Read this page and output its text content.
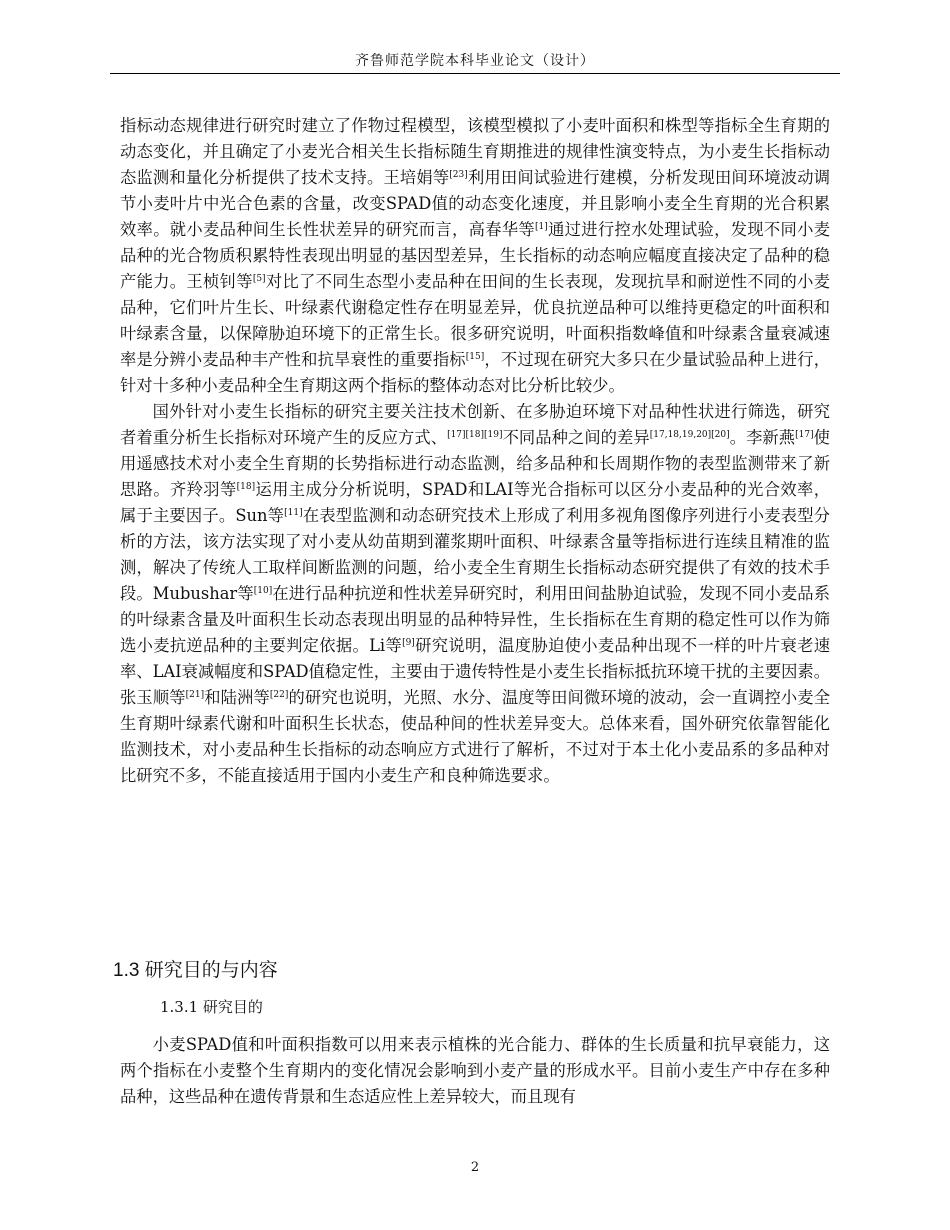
齐鲁师范学院本科毕业论文（设计）

指标动态规律进行研究时建立了作物过程模型，该模型模拟了小麦叶面积和株型等指标全生育期的动态变化，并且确定了小麦光合相关生长指标随生育期推进的规律性演变特点，为小麦生长指标动态监测和量化分析提供了技术支持。王培娟等[23]利用田间试验进行建模，分析发现田间环境波动调节小麦叶片中光合色素的含量，改变SPAD值的动态变化速度，并且影响小麦全生育期的光合积累效率。就小麦品种间生长性状差异的研究而言，高春华等[1]通过进行控水处理试验，发现不同小麦品种的光合物质积累特性表现出明显的基因型差异，生长指标的动态响应幅度直接决定了品种的稳产能力。王桢钊等[5]对比了不同生态型小麦品种在田间的生长表现，发现抗旱和耐逆性不同的小麦品种，它们叶片生长、叶绿素代谢稳定性存在明显差异，优良抗逆品种可以维持更稳定的叶面积和叶绿素含量，以保障胁迫环境下的正常生长。很多研究说明，叶面积指数峰值和叶绿素含量衰减速率是分辨小麦品种丰产性和抗旱衰性的重要指标[15]，不过现在研究大多只在少量试验品种上进行，针对十多种小麦品种全生育期这两个指标的整体动态对比分析比较少。

国外针对小麦生长指标的研究主要关注技术创新、在多胁迫环境下对品种性状进行筛选，研究者着重分析生长指标对环境产生的反应方式、[17][18][19]不同品种之间的差异[17,18,19,20][20]。李新燕[17]使用遥感技术对小麦全生育期的长势指标进行动态监测，给多品种和长周期作物的表型监测带来了新思路。齐羚羽等[18]运用主成分分析说明，SPAD和LAI等光合指标可以区分小麦品种的光合效率，属于主要因子。Sun等[11]在表型监测和动态研究技术上形成了利用多视角图像序列进行小麦表型分析的方法，该方法实现了对小麦从幼苗期到灌浆期叶面积、叶绿素含量等指标进行连续且精准的监测，解决了传统人工取样间断监测的问题，给小麦全生育期生长指标动态研究提供了有效的技术手段。Mubushar等[10]在进行品种抗逆和性状差异研究时，利用田间盐胁迫试验，发现不同小麦品系的叶绿素含量及叶面积生长动态表现出明显的品种特异性，生长指标在生育期的稳定性可以作为筛选小麦抗逆品种的主要判定依据。Li等[9]研究说明，温度胁迫使小麦品种出现不一样的叶片衰老速率、LAI衰减幅度和SPAD值稳定性，主要由于遗传特性是小麦生长指标抵抗环境干扰的主要因素。张玉顺等[21]和陆洲等[22]的研究也说明，光照、水分、温度等田间微环境的波动，会一直调控小麦全生育期叶绿素代谢和叶面积生长状态，使品种间的性状差异变大。总体来看，国外研究依靠智能化监测技术，对小麦品种生长指标的动态响应方式进行了解析，不过对于本土化小麦品系的多品种对比研究不多，不能直接适用于国内小麦生产和良种筛选要求。

1.3 研究目的与内容
1.3.1 研究目的

小麦SPAD值和叶面积指数可以用来表示植株的光合能力、群体的生长质量和抗早衰能力，这两个指标在小麦整个生育期内的变化情况会影响到小麦产量的形成水平。目前小麦生产中存在多种品种，这些品种在遗传背景和生态适应性上差异较大，而且现有

2
